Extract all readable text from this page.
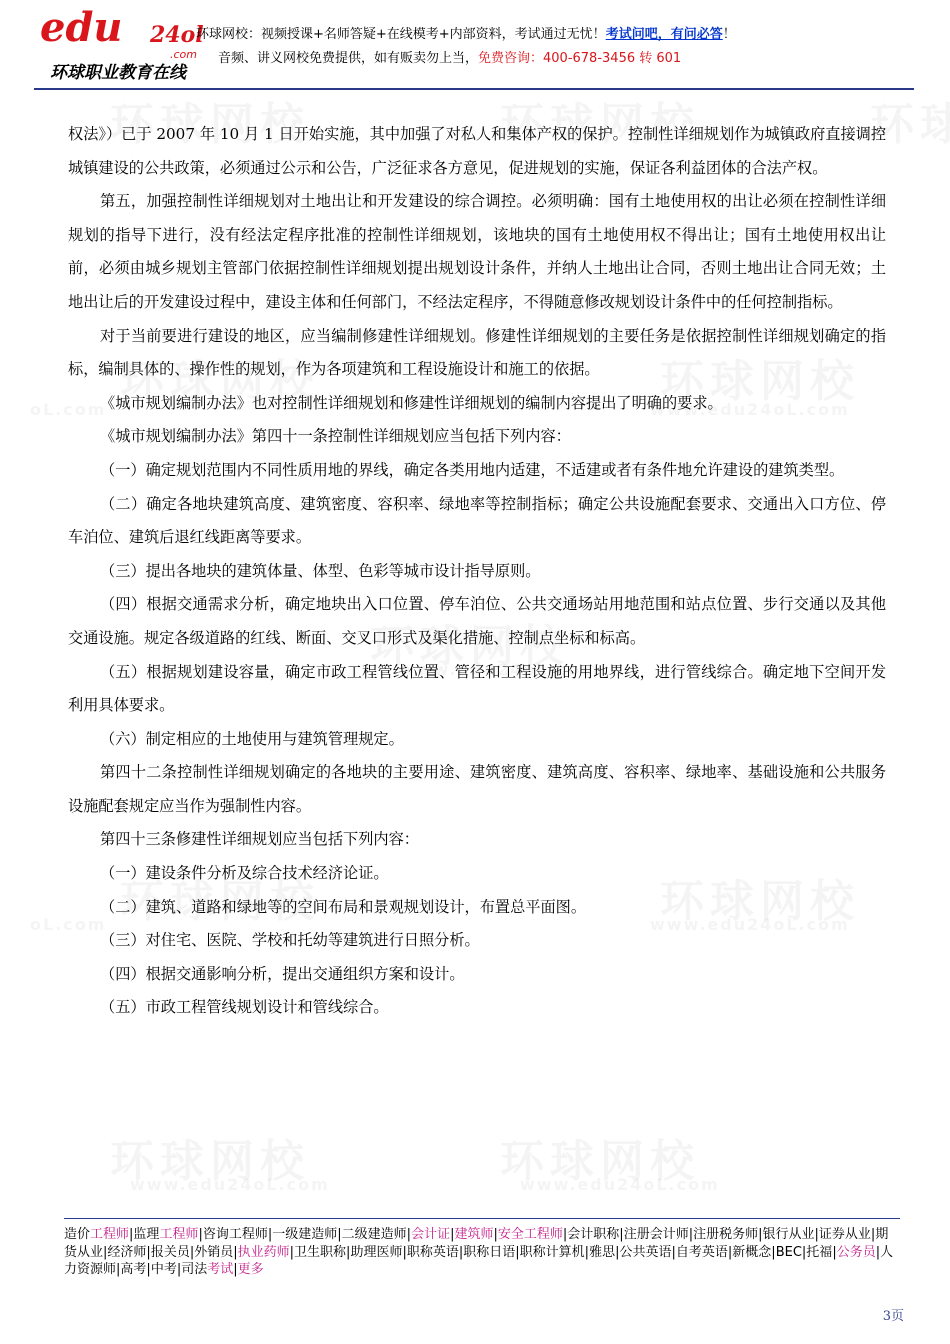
edu 24ol
.com
环球职业教育在线
环球网校：视频授课+名师答疑+在线模考+内部资料，考试通过无忧！考试问吧，有问必答！
音频、讲义网校免费提供，如有贩卖勿上当，免费咨询：400-678-3456 转 601

权法》）已于 2007 年 10 月 1 日开始实施，其中加强了对私人和集体产权的保护。控制性详细规划作为城镇政府直接调控城镇建设的公共政策，必须通过公示和公告，广泛征求各方意见，促进规划的实施，保证各利益团体的合法产权。

第五，加强控制性详细规划对土地出让和开发建设的综合调控。必须明确：国有土地使用权的出让必须在控制性详细规划的指导下进行，没有经法定程序批准的控制性详细规划，该地块的国有土地使用权不得出让；国有土地使用权出让前，必须由城乡规划主管部门依据控制性详细规划提出规划设计条件，并纳人土地出让合同，否则土地出让合同无效；土地出让后的开发建设过程中，建设主体和任何部门，不经法定程序，不得随意修改规划设计条件中的任何控制指标。

对于当前要进行建设的地区，应当编制修建性详细规划。修建性详细规划的主要任务是依据控制性详细规划确定的指标，编制具体的、操作性的规划，作为各项建筑和工程设施设计和施工的依据。

《城市规划编制办法》也对控制性详细规划和修建性详细规划的编制内容提出了明确的要求。

《城市规划编制办法》第四十一条控制性详细规划应当包括下列内容：

（一）确定规划范围内不同性质用地的界线，确定各类用地内适建，不适建或者有条件地允许建设的建筑类型。

（二）确定各地块建筑高度、建筑密度、容积率、绿地率等控制指标；确定公共设施配套要求、交通出入口方位、停车泊位、建筑后退红线距离等要求。

（三）提出各地块的建筑体量、体型、色彩等城市设计指导原则。

（四）根据交通需求分析，确定地块出入口位置、停车泊位、公共交通场站用地范围和站点位置、步行交通以及其他交通设施。规定各级道路的红线、断面、交叉口形式及渠化措施、控制点坐标和标高。

（五）根据规划建设容量，确定市政工程管线位置、管径和工程设施的用地界线，进行管线综合。确定地下空间开发利用具体要求。

（六）制定相应的土地使用与建筑管理规定。

第四十二条控制性详细规划确定的各地块的主要用途、建筑密度、建筑高度、容积率、绿地率、基础设施和公共服务设施配套规定应当作为强制性内容。

第四十三条修建性详细规划应当包括下列内容：

（一）建设条件分析及综合技术经济论证。

（二）建筑、道路和绿地等的空间布局和景观规划设计，布置总平面图。

（三）对住宅、医院、学校和托幼等建筑进行日照分析。

（四）根据交通影响分析，提出交通组织方案和设计。

（五）市政工程管线规划设计和管线综合。

造价工程师|监理工程师|咨询工程师|一级建造师|二级建造师|会计证|建筑师|安全工程师|会计职称|注册会计师|注册税务师|银行从业|证券从业|期货从业|经济师|报关员|外销员|执业药师|卫生职称|助理医师|职称英语|职称日语|职称计算机|雅思|公共英语|自考英语|新概念|BEC|托福|公务员|人力资源师|高考|中考|司法考试|更多
3页
